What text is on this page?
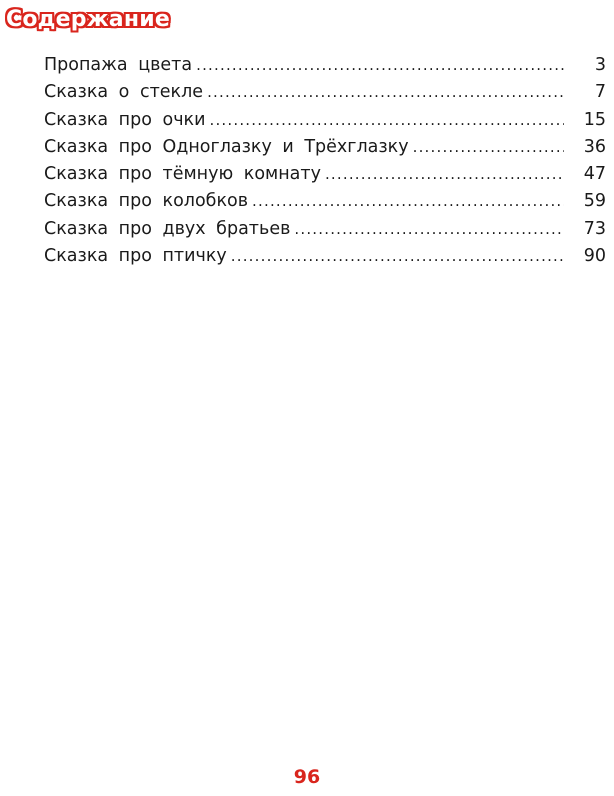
Содержание
Пропажа цвета .....	3
Сказка о стекле .....	7
Сказка про очки .....	15
Сказка про Одноглазку и Трёхглазку .....	36
Сказка про тёмную комнату .....	47
Сказка про колобков .....	59
Сказка про двух братьев .....	73
Сказка про птичку .....	90
96
